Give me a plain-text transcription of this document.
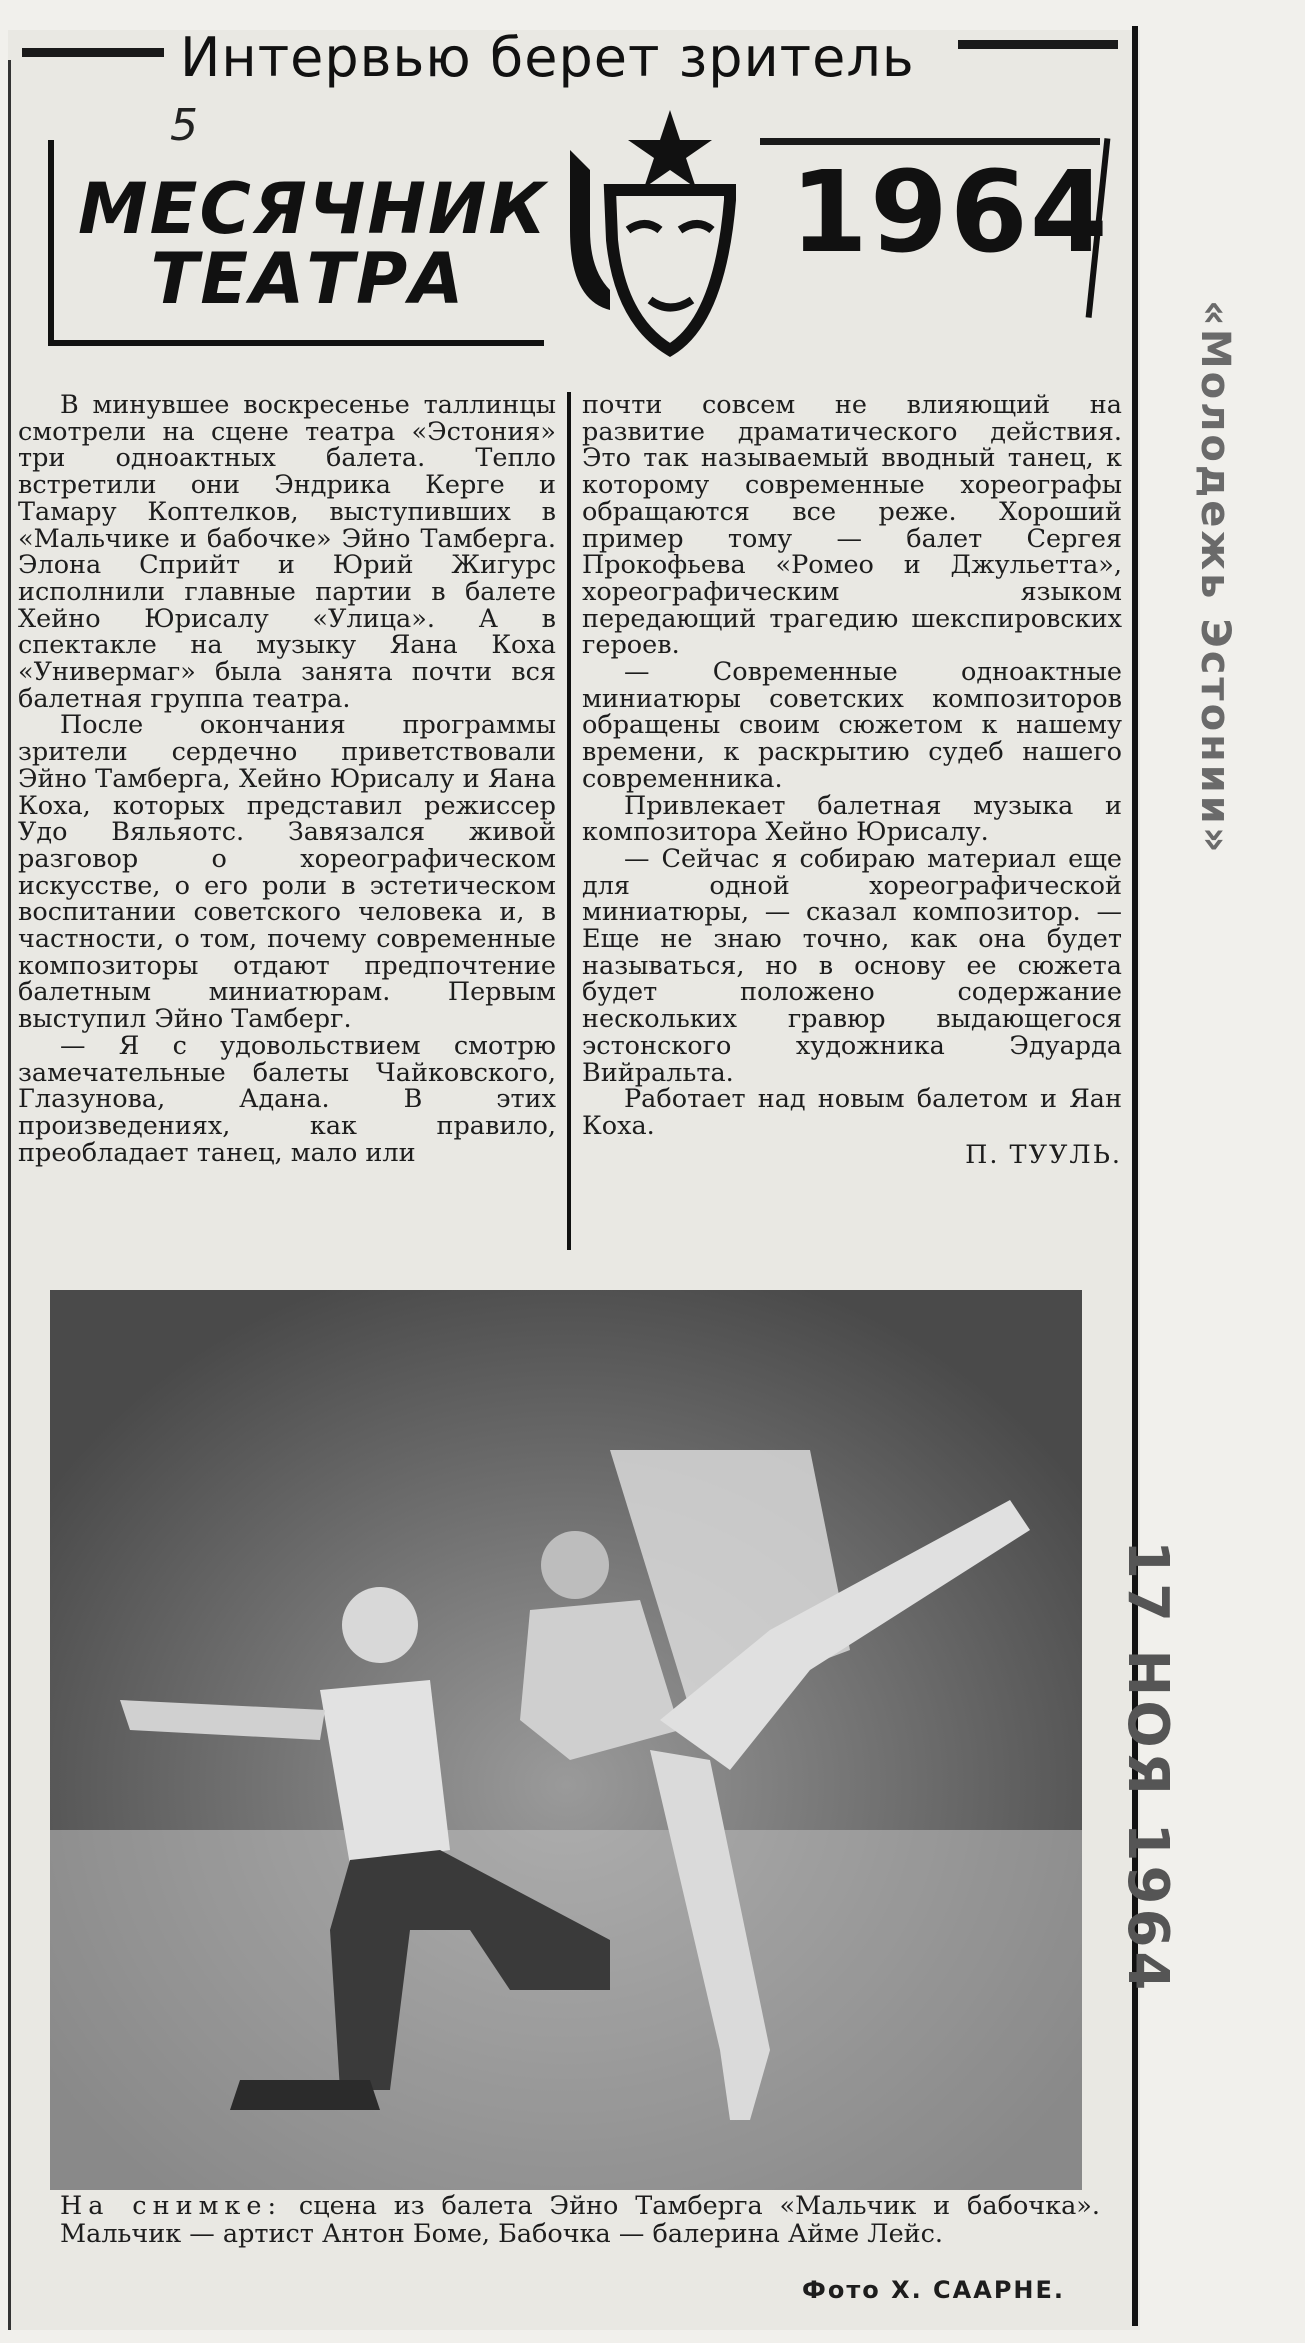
Интервью берет зритель
5
МЕСЯЧНИК
ТЕАТРА
1964

В минувшее воскресенье таллинцы смотрели на сцене театра «Эстония» три одноактных балета. Тепло встретили они Эндрика Керге и Тамару Коптелков, выступивших в «Мальчике и бабочке» Эйно Тамберга. Элона Сприйт и Юрий Жигурс исполнили главные партии в балете Хейно Юрисалу «Улица». А в спектакле на музыку Яана Коха «Универмаг» была занята почти вся балетная группа театра.

После окончания программы зрители сердечно приветствовали Эйно Тамберга, Хейно Юрисалу и Яана Коха, которых представил режиссер Удо Вяльяотс. Завязался живой разговор о хореографическом искусстве, о его роли в эстетическом воспитании советского человека и, в частности, о том, почему современные композиторы отдают предпочтение балетным миниатюрам. Первым выступил Эйно Тамберг.

— Я с удовольствием смотрю замечательные балеты Чайковского, Глазунова, Адана. В этих произведениях, как правило, преобладает танец, мало или

почти совсем не влияющий на развитие драматического действия. Это так называемый вводный танец, к которому современные хореографы обращаются все реже. Хороший пример тому — балет Сергея Прокофьева «Ромео и Джульетта», хореографическим языком передающий трагедию шекспировских героев.

— Современные одноактные миниатюры советских композиторов обращены своим сюжетом к нашему времени, к раскрытию судеб нашего современника.

Привлекает балетная музыка и композитора Хейно Юрисалу.

— Сейчас я собираю материал еще для одной хореографической миниатюры, — сказал композитор. — Еще не знаю точно, как она будет называться, но в основу ее сюжета будет положено содержание нескольких гравюр выдающегося эстонского художника Эдуарда Вийральта.

Работает над новым балетом и Яан Коха.

П. ТУУЛЬ.

На снимке: сцена из балета Эйно Тамберга «Мальчик и бабочка». Мальчик — артист Антон Боме, Бабочка — балерина Айме Лейс.
Фото Х. СААРНЕ.
«Молодежь Эстонии»
17 НОЯ 1964
